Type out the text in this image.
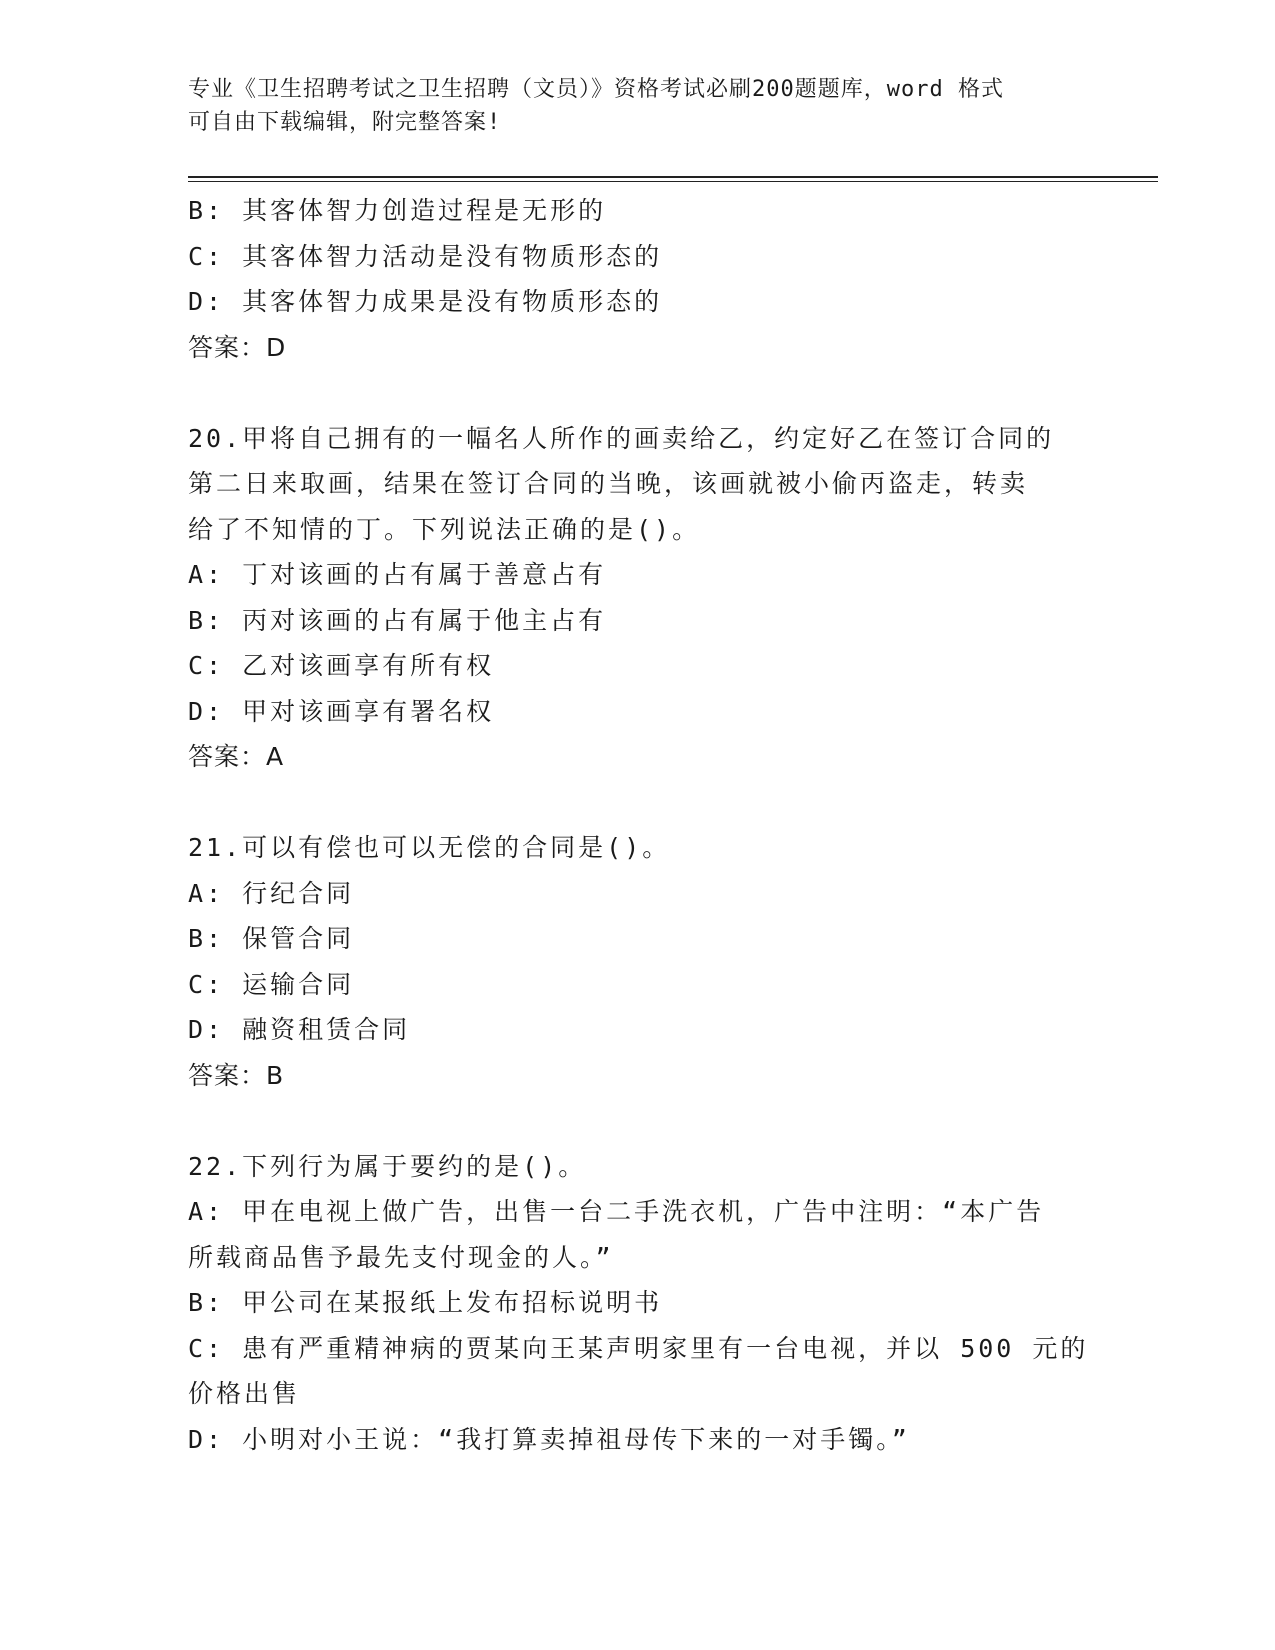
专业《卫生招聘考试之卫生招聘（文员）》资格考试必刷200题题库，word 格式
可自由下载编辑，附完整答案!
B: 其客体智力创造过程是无形的
C: 其客体智力活动是没有物质形态的
D: 其客体智力成果是没有物质形态的
答案：D
20.甲将自己拥有的一幅名人所作的画卖给乙，约定好乙在签订合同的
第二日来取画，结果在签订合同的当晚，该画就被小偷丙盗走，转卖
给了不知情的丁。下列说法正确的是()。
A: 丁对该画的占有属于善意占有
B: 丙对该画的占有属于他主占有
C: 乙对该画享有所有权
D: 甲对该画享有署名权
答案：A
21.可以有偿也可以无偿的合同是()。
A: 行纪合同
B: 保管合同
C: 运输合同
D: 融资租赁合同
答案：B
22.下列行为属于要约的是()。
A: 甲在电视上做广告，出售一台二手洗衣机，广告中注明：“本广告
所载商品售予最先支付现金的人。”
B: 甲公司在某报纸上发布招标说明书
C: 患有严重精神病的贾某向王某声明家里有一台电视，并以 500 元的
价格出售
D: 小明对小王说：“我打算卖掉祖母传下来的一对手镯。”
